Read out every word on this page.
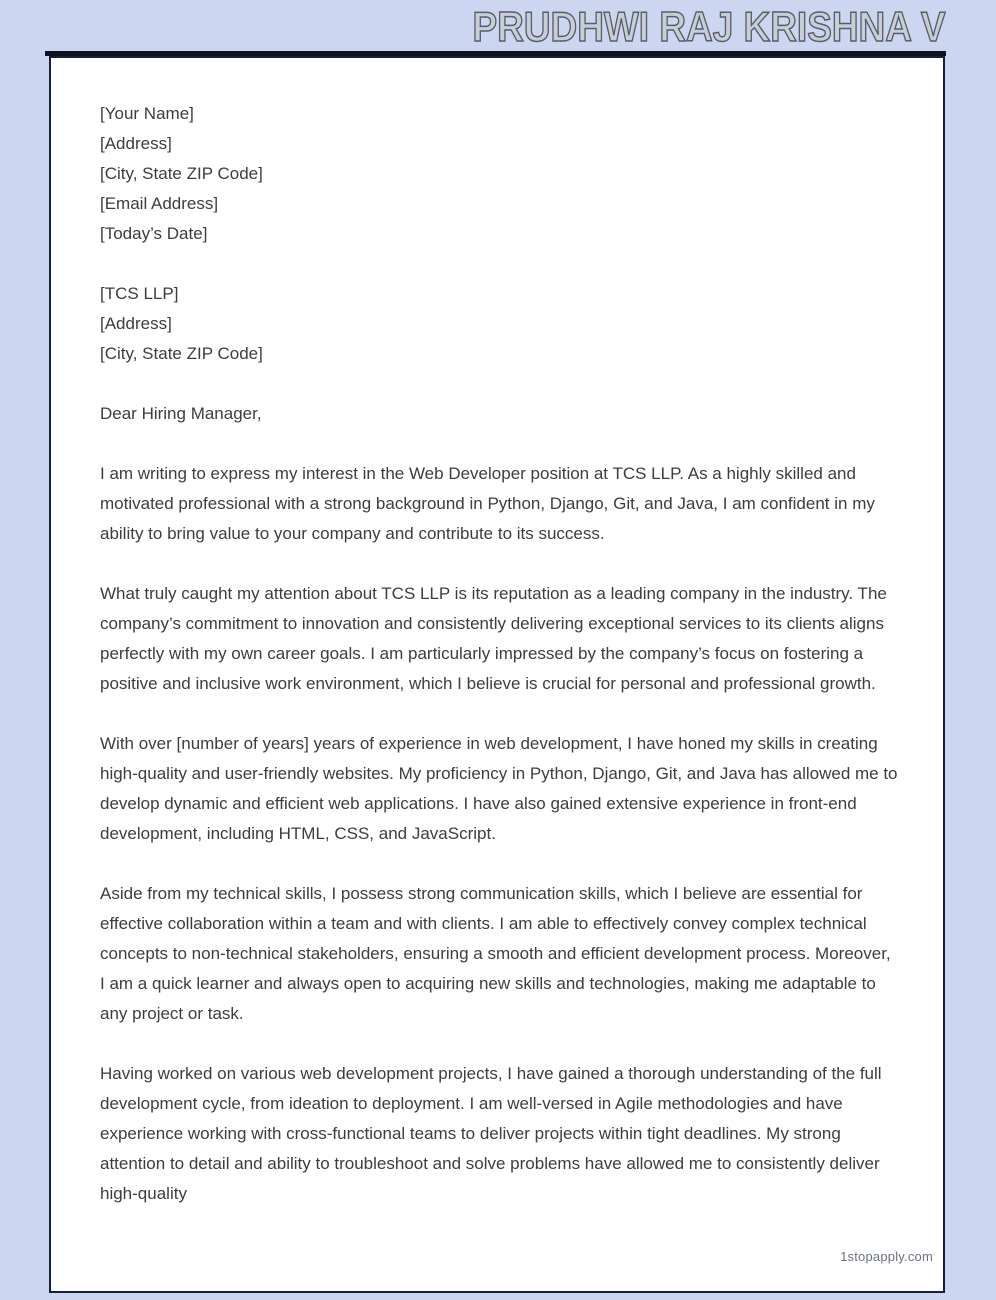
PRUDHWI RAJ KRISHNA V

[Your Name]
[Address]
[City, State ZIP Code]
[Email Address]
[Today’s Date]

[TCS LLP]
[Address]
[City, State ZIP Code]

Dear Hiring Manager,

I am writing to express my interest in the Web Developer position at TCS LLP. As a highly skilled and motivated professional with a strong background in Python, Django, Git, and Java, I am confident in my ability to bring value to your company and contribute to its success.

What truly caught my attention about TCS LLP is its reputation as a leading company in the industry. The company’s commitment to innovation and consistently delivering exceptional services to its clients aligns perfectly with my own career goals. I am particularly impressed by the company’s focus on fostering a positive and inclusive work environment, which I believe is crucial for personal and professional growth.

With over [number of years] years of experience in web development, I have honed my skills in creating high-quality and user-friendly websites. My proficiency in Python, Django, Git, and Java has allowed me to develop dynamic and efficient web applications. I have also gained extensive experience in front-end development, including HTML, CSS, and JavaScript.

Aside from my technical skills, I possess strong communication skills, which I believe are essential for effective collaboration within a team and with clients. I am able to effectively convey complex technical concepts to non-technical stakeholders, ensuring a smooth and efficient development process. Moreover, I am a quick learner and always open to acquiring new skills and technologies, making me adaptable to any project or task.

Having worked on various web development projects, I have gained a thorough understanding of the full development cycle, from ideation to deployment. I am well-versed in Agile methodologies and have experience working with cross-functional teams to deliver projects within tight deadlines. My strong attention to detail and ability to troubleshoot and solve problems have allowed me to consistently deliver high-quality

1stopapply.com
